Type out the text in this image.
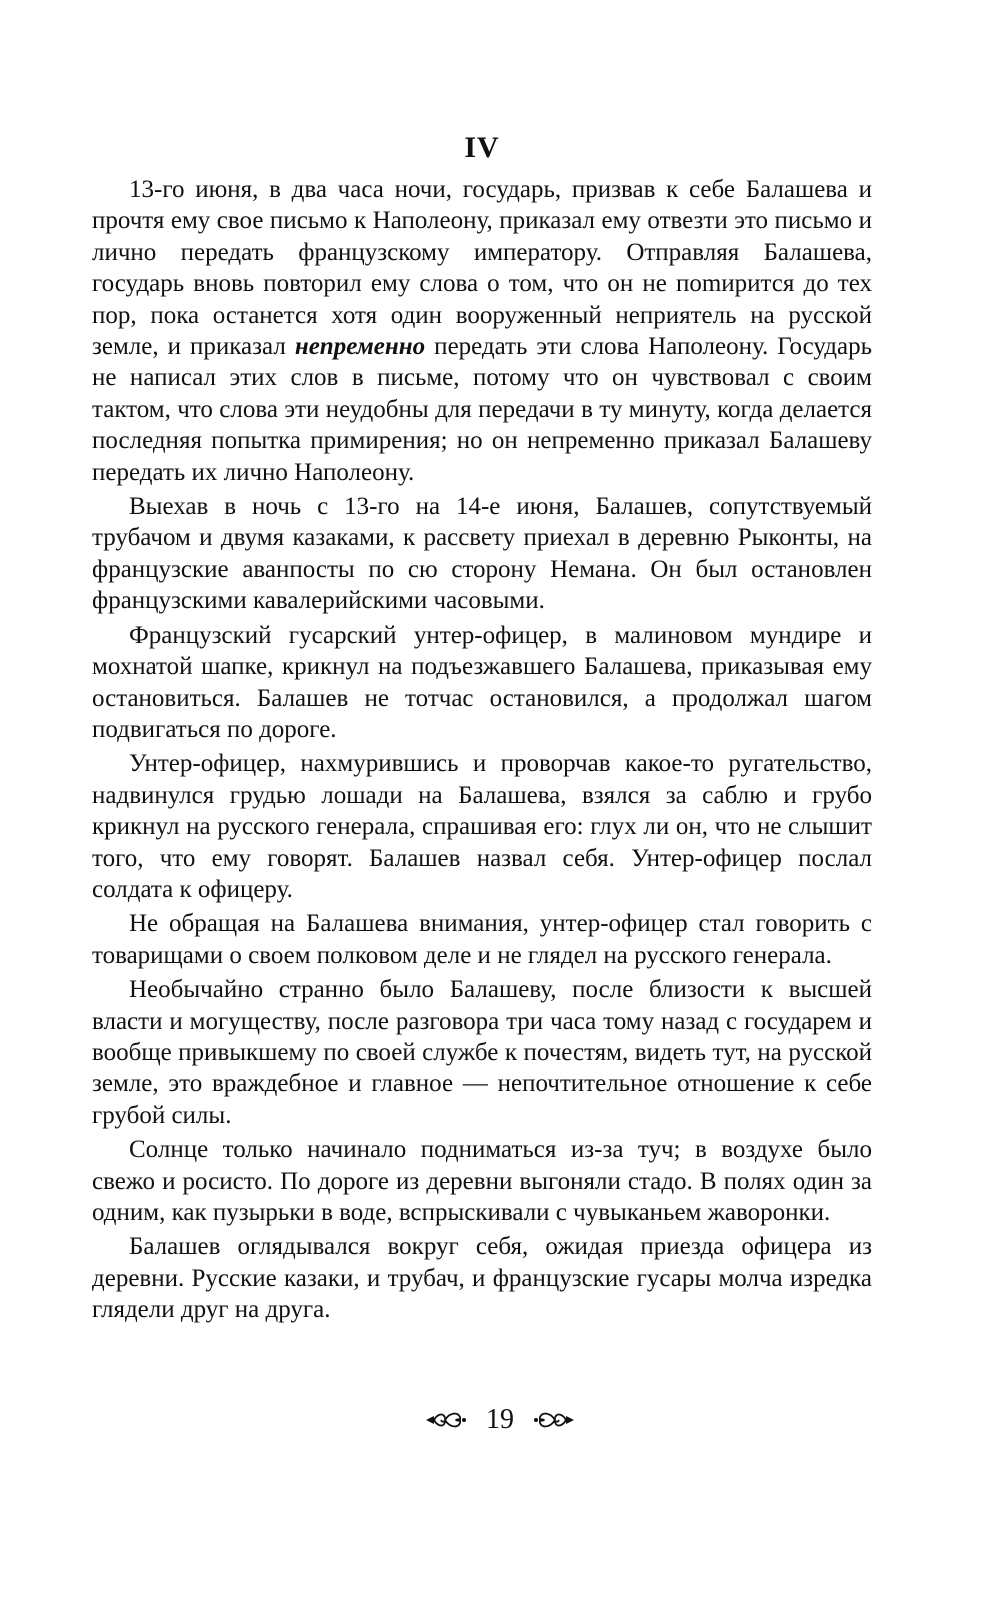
IV

13-го июня, в два часа ночи, государь, призвав к себе Балашева и прочтя ему свое письмо к Наполеону, приказал ему отвезти это письмо и лично передать французскому императору. Отправляя Балашева, государь вновь повторил ему слова о том, что он не поmирится до тех пор, пока останется хотя один вооруженный неприятель на русской земле, и приказал непременно передать эти слова Наполеону. Государь не написал этих слов в письме, потому что он чувствовал с своим тактом, что слова эти неудобны для передачи в ту минуту, когда делается последняя попытка примирения; но он непременно приказал Балашеву передать их лично Наполеону.

Выехав в ночь с 13-го на 14-е июня, Балашев, сопутствуемый трубачом и двумя казаками, к рассвету приехал в деревню Рыконты, на французские аванпосты по сю сторону Немана. Он был остановлен французскими кавалерийскими часовыми.

Французский гусарский унтер-офицер, в малиновом мундире и мохнатой шапке, крикнул на подъезжавшего Балашева, приказывая ему остановиться. Балашев не тотчас остановился, а продолжал шагом подвигаться по дороге.

Унтер-офицер, нахмурившись и проворчав какое-то ругательство, надвинулся грудью лошади на Балашева, взялся за саблю и грубо крикнул на русского генерала, спрашивая его: глух ли он, что не слышит того, что ему говорят. Балашев назвал себя. Унтер-офицер послал солдата к офицеру.

Не обращая на Балашева внимания, унтер-офицер стал говорить с товарищами о своем полковом деле и не глядел на русского генерала.

Необычайно странно было Балашеву, после близости к высшей власти и могуществу, после разговора три часа тому назад с государем и вообще привыкшему по своей службе к почестям, видеть тут, на русской земле, это враждебное и главное — непочтительное отношение к себе грубой силы.

Солнце только начинало подниматься из-за туч; в воздухе было свежо и росисто. По дороге из деревни выгоняли стадо. В полях один за одним, как пузырьки в воде, вспрыскивали с чувыканьем жаворонки.

Балашев оглядывался вокруг себя, ожидая приезда офицера из деревни. Русские казаки, и трубач, и французские гусары молча изредка глядели друг на друга.

19
